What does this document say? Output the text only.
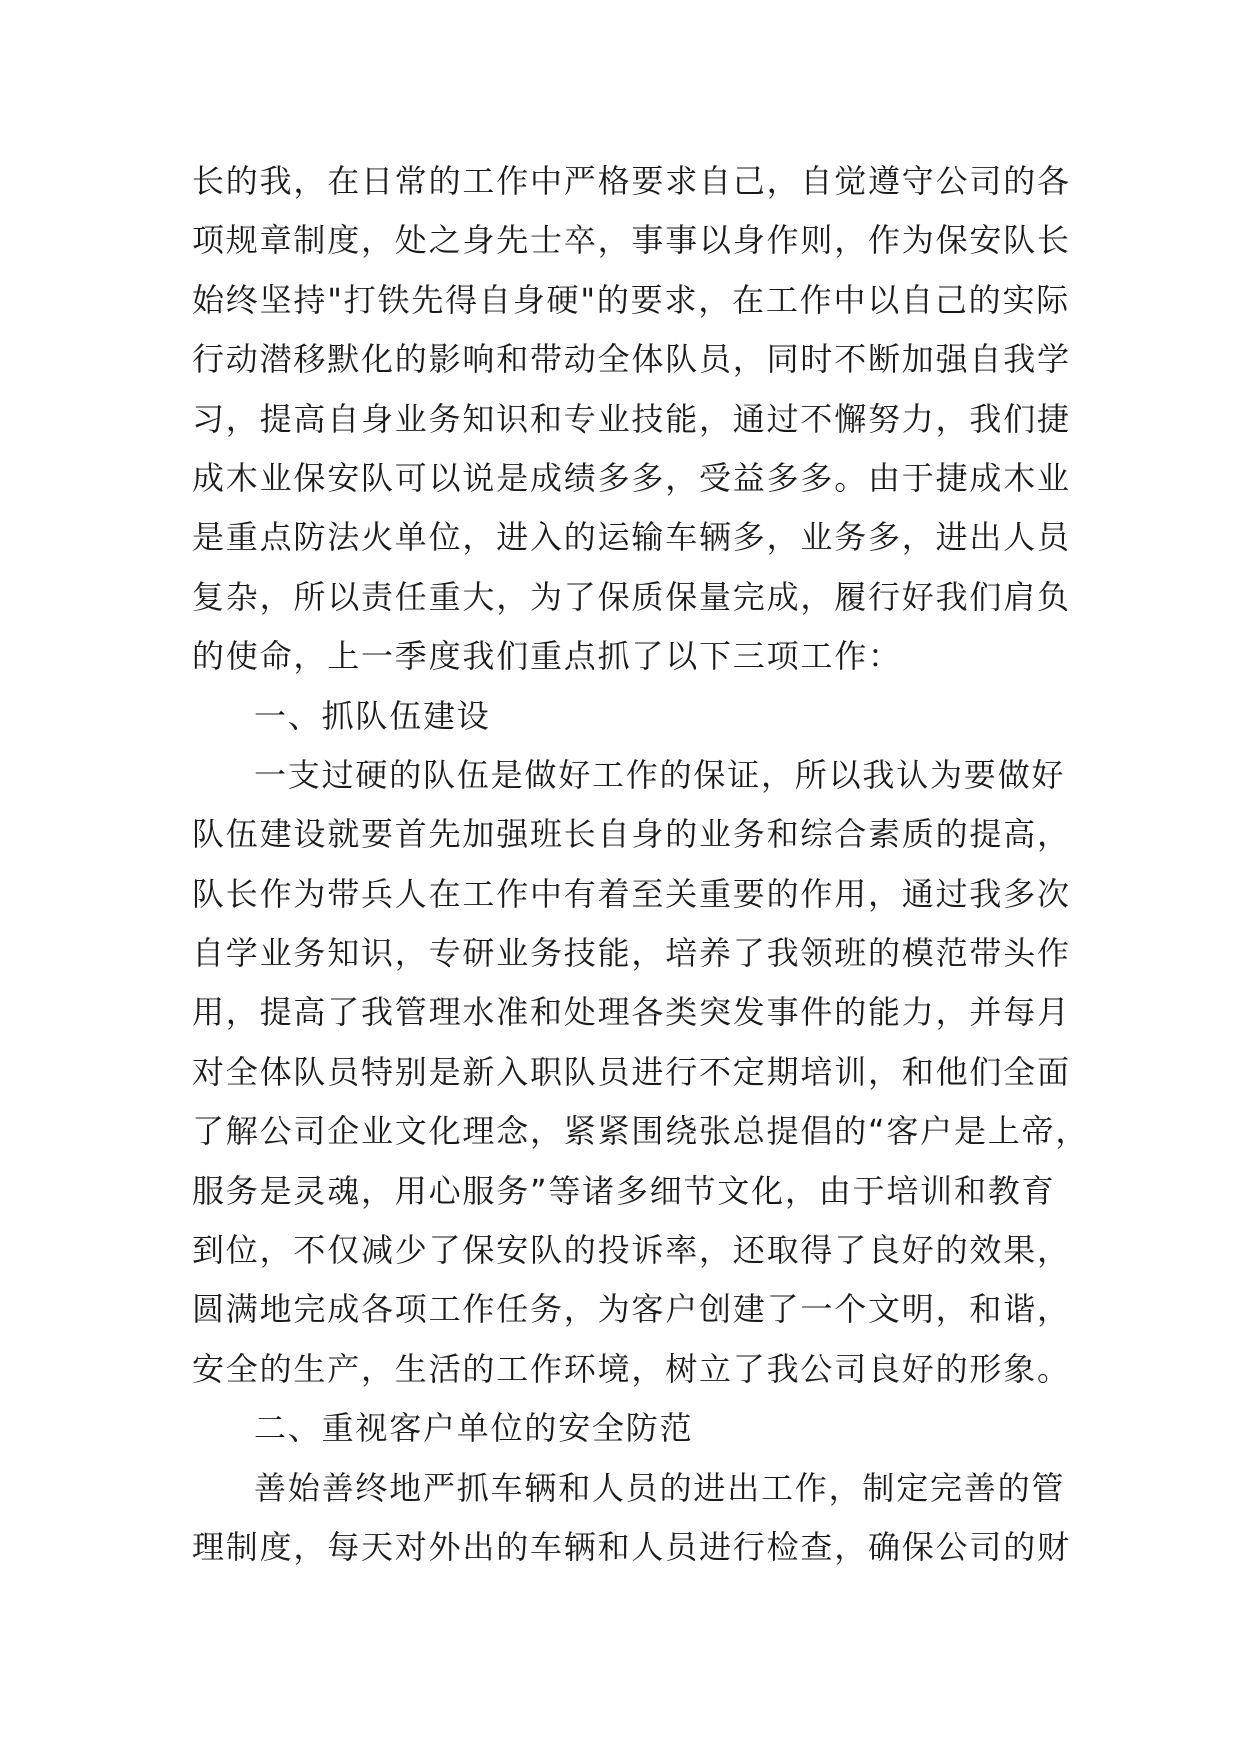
长的我，在日常的工作中严格要求自己，自觉遵守公司的各
项规章制度，处之身先士卒，事事以身作则，作为保安队长
始终坚持"打铁先得自身硬"的要求，在工作中以自己的实际
行动潜移默化的影响和带动全体队员，同时不断加强自我学
习，提高自身业务知识和专业技能，通过不懈努力，我们捷
成木业保安队可以说是成绩多多，受益多多。由于捷成木业
是重点防法火单位，进入的运输车辆多，业务多，进出人员
复杂，所以责任重大，为了保质保量完成，履行好我们肩负
的使命，上一季度我们重点抓了以下三项工作：
一、抓队伍建设
一支过硬的队伍是做好工作的保证，所以我认为要做好
队伍建设就要首先加强班长自身的业务和综合素质的提高，
队长作为带兵人在工作中有着至关重要的作用，通过我多次
自学业务知识，专研业务技能，培养了我领班的模范带头作
用，提高了我管理水准和处理各类突发事件的能力，并每月
对全体队员特别是新入职队员进行不定期培训，和他们全面
了解公司企业文化理念，紧紧围绕张总提倡的“客户是上帝，
服务是灵魂，用心服务”等诸多细节文化，由于培训和教育
到位，不仅减少了保安队的投诉率，还取得了良好的效果，
圆满地完成各项工作任务，为客户创建了一个文明，和谐，
安全的生产，生活的工作环境，树立了我公司良好的形象。
二、重视客户单位的安全防范
善始善终地严抓车辆和人员的进出工作，制定完善的管
理制度，每天对外出的车辆和人员进行检查，确保公司的财
